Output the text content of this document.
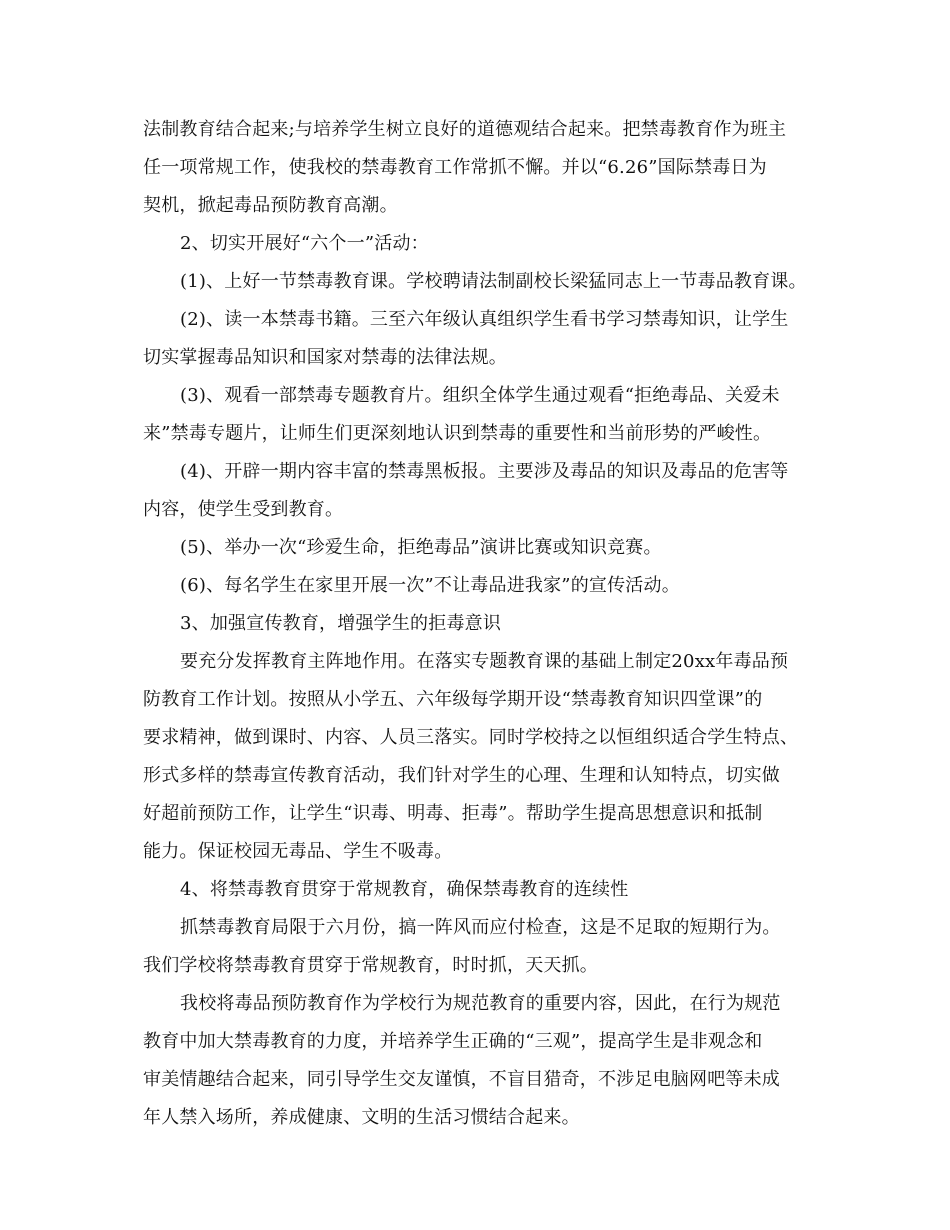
法制教育结合起来;与培养学生树立良好的道德观结合起来。把禁毒教育作为班主
任一项常规工作，使我校的禁毒教育工作常抓不懈。并以“6.26”国际禁毒日为
契机，掀起毒品预防教育高潮。
2、切实开展好“六个一”活动：
(1)、上好一节禁毒教育课。学校聘请法制副校长梁猛同志上一节毒品教育课。
(2)、读一本禁毒书籍。三至六年级认真组织学生看书学习禁毒知识，让学生
切实掌握毒品知识和国家对禁毒的法律法规。
(3)、观看一部禁毒专题教育片。组织全体学生通过观看“拒绝毒品、关爱未
来”禁毒专题片，让师生们更深刻地认识到禁毒的重要性和当前形势的严峻性。
(4)、开辟一期内容丰富的禁毒黑板报。主要涉及毒品的知识及毒品的危害等
内容，使学生受到教育。
(5)、举办一次“珍爱生命，拒绝毒品”演讲比赛或知识竞赛。
(6)、每名学生在家里开展一次”不让毒品进我家”的宣传活动。
3、加强宣传教育，增强学生的拒毒意识
要充分发挥教育主阵地作用。在落实专题教育课的基础上制定20xx年毒品预
防教育工作计划。按照从小学五、六年级每学期开设“禁毒教育知识四堂课”的
要求精神，做到课时、内容、人员三落实。同时学校持之以恒组织适合学生特点、
形式多样的禁毒宣传教育活动，我们针对学生的心理、生理和认知特点，切实做
好超前预防工作，让学生“识毒、明毒、拒毒”。帮助学生提高思想意识和抵制
能力。保证校园无毒品、学生不吸毒。
4、将禁毒教育贯穿于常规教育，确保禁毒教育的连续性
抓禁毒教育局限于六月份，搞一阵风而应付检查，这是不足取的短期行为。
我们学校将禁毒教育贯穿于常规教育，时时抓，天天抓。
我校将毒品预防教育作为学校行为规范教育的重要内容，因此，在行为规范
教育中加大禁毒教育的力度，并培养学生正确的“三观”，提高学生是非观念和
审美情趣结合起来，同引导学生交友谨慎，不盲目猎奇，不涉足电脑网吧等未成
年人禁入场所，养成健康、文明的生活习惯结合起来。
